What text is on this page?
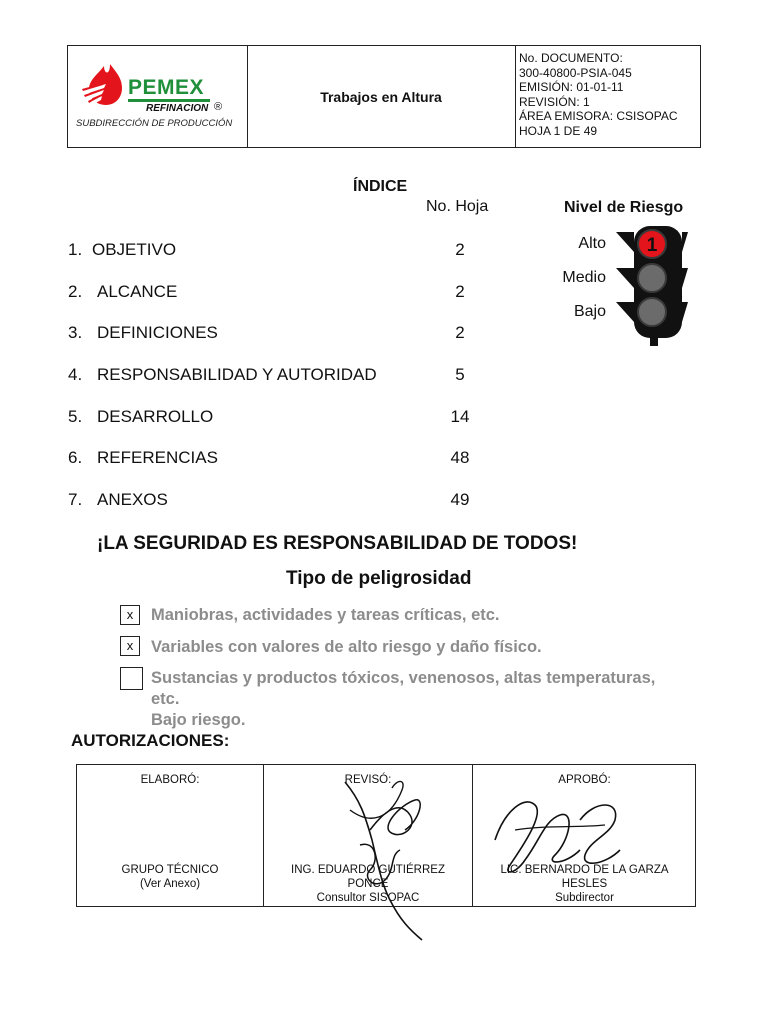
PEMEX
REFINACION ®
SUBDIRECCIÓN DE PRODUCCIÓN
Trabajos en Altura
No. DOCUMENTO:
300-40800-PSIA-045
EMISIÓN: 01-01-11
REVISIÓN: 1
ÁREA EMISORA: CSISOPAC
HOJA 1 DE 49
ÍNDICE
No. Hoja
1. OBJETIVO	2
2. ALCANCE	2
3. DEFINICIONES	2
4. RESPONSABILIDAD Y AUTORIDAD	5
5. DESARROLLO	14
6. REFERENCIAS	48
7. ANEXOS	49
Nivel de Riesgo
Alto
Medio
Bajo
1
¡LA SEGURIDAD ES RESPONSABILIDAD DE TODOS!
Tipo de peligrosidad
x	Maniobras, actividades y tareas críticas, etc.
x	Variables con valores de alto riesgo y daño físico.
Sustancias y productos tóxicos, venenosos, altas temperaturas,
etc.
Bajo riesgo.
AUTORIZACIONES:
ELABORÓ:
GRUPO TÉCNICO
(Ver Anexo)
REVISÓ:
ING. EDUARDO GUTIÉRREZ
PONCE
Consultor SISOPAC
APROBÓ:
LIC. BERNARDO DE LA GARZA
HESLES
Subdirector
